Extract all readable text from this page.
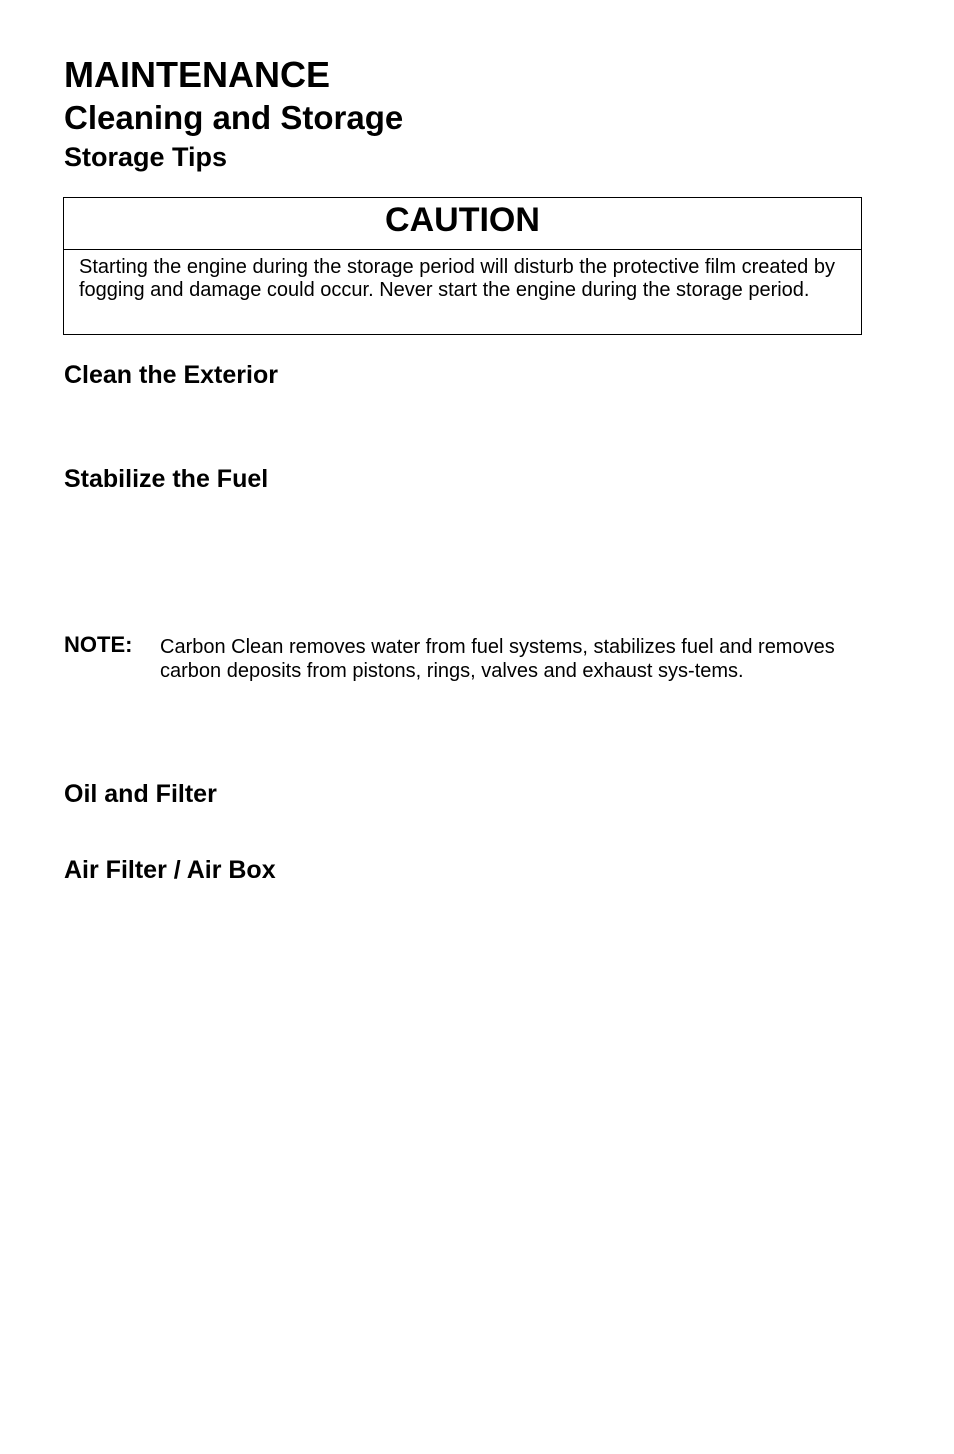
MAINTENANCE
Cleaning and Storage
Storage Tips
CAUTION
Starting the engine during the storage period will disturb the protective film created by fogging and damage could occur. Never start the engine during the storage period.
Clean the Exterior
Stabilize the Fuel
NOTE: Carbon Clean removes water from fuel systems, stabilizes fuel and removes carbon deposits from pistons, rings, valves and exhaust sys-tems.
Oil and Filter
Air Filter / Air Box
